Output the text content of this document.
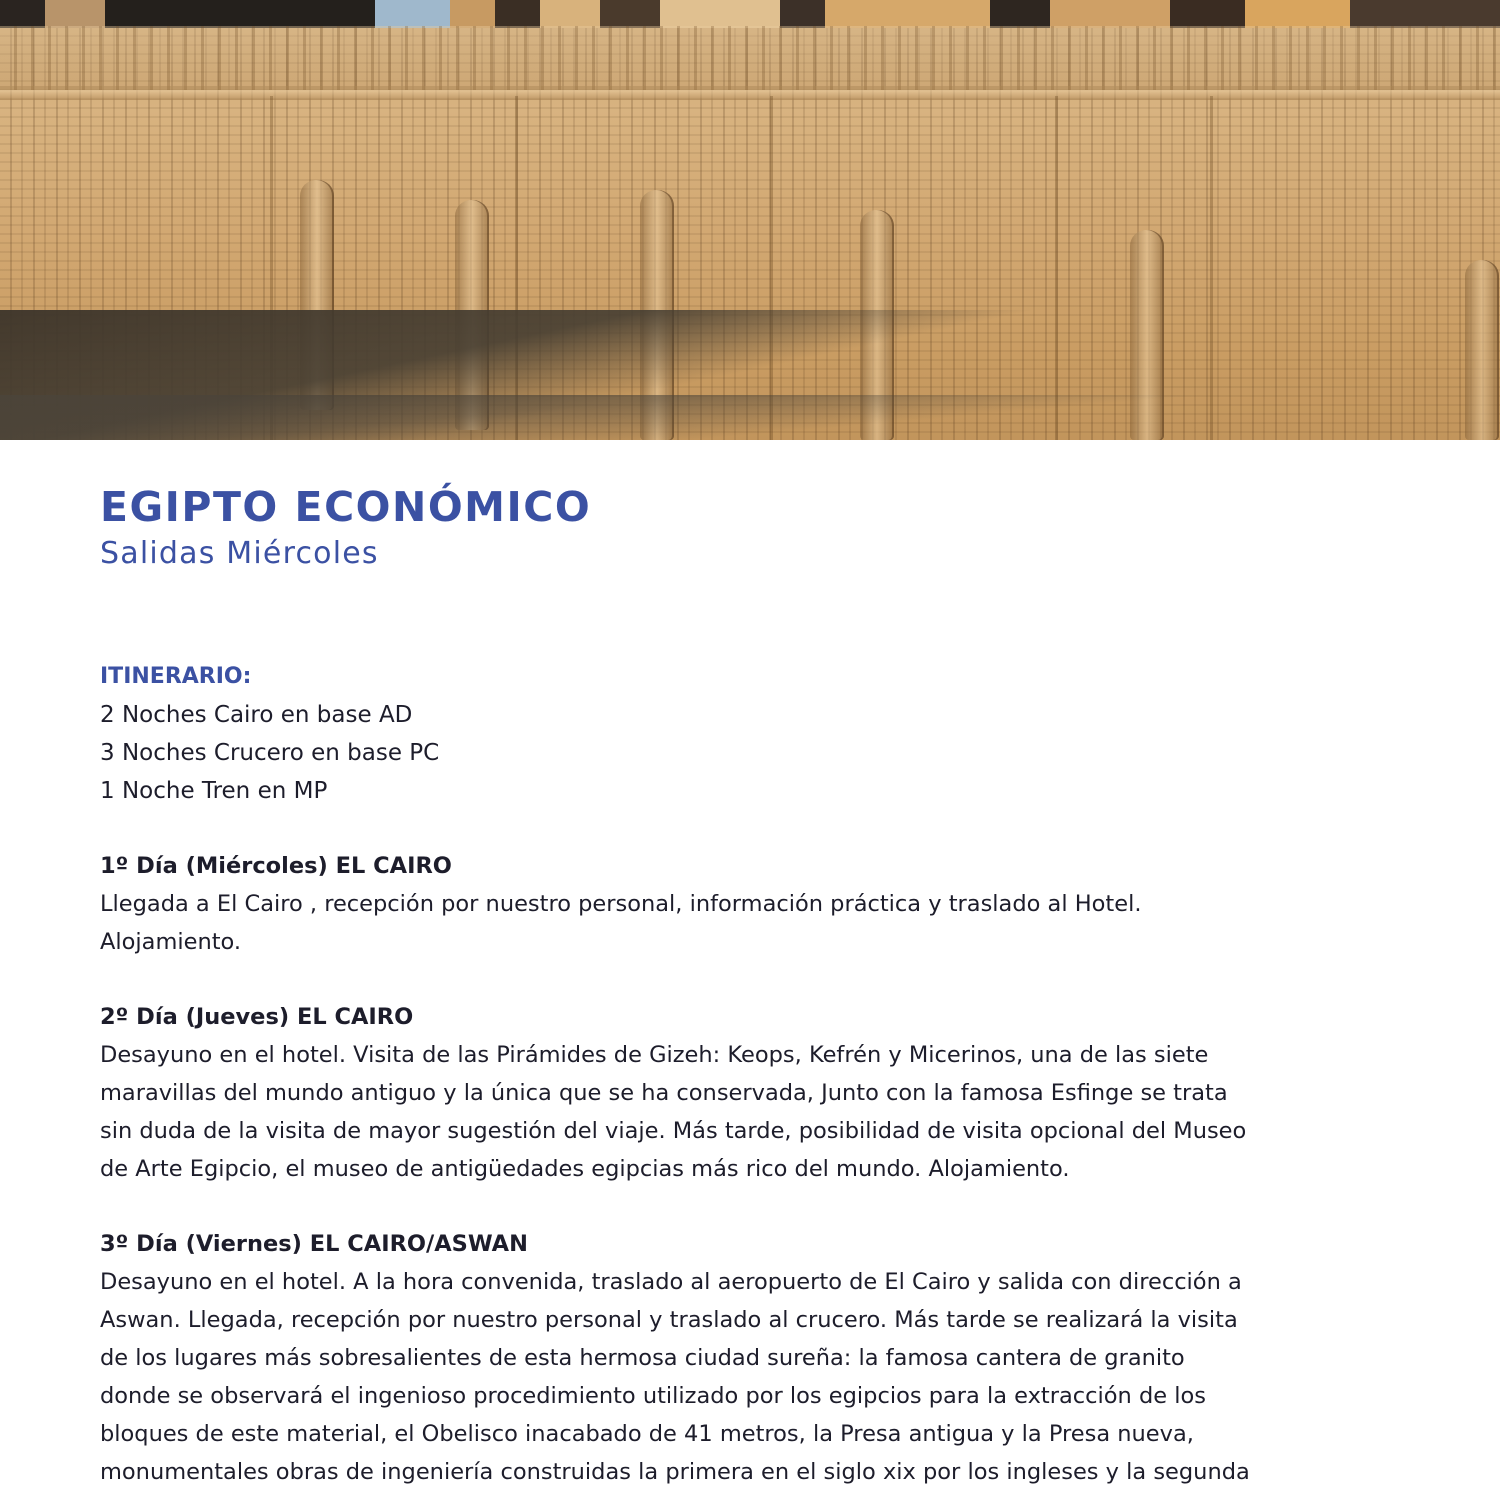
EGIPTO ECONÓMICO
Salidas Miércoles
ITINERARIO:
2 Noches Cairo en base AD
3 Noches Crucero en base PC
1 Noche Tren en MP
1º Día (Miércoles) EL CAIRO
Llegada a El Cairo , recepción por nuestro personal, información práctica y traslado al Hotel.
Alojamiento.
2º Día (Jueves) EL CAIRO
Desayuno en el hotel. Visita de las Pirámides de Gizeh: Keops, Kefrén y Micerinos, una de las siete
maravillas del mundo antiguo y la única que se ha conservada, Junto con la famosa Esfinge se trata
sin duda de la visita de mayor sugestión del viaje. Más tarde, posibilidad de visita opcional del Museo
de Arte Egipcio, el museo de antigüedades egipcias más rico del mundo. Alojamiento.
3º Día (Viernes) EL CAIRO/ASWAN
Desayuno en el hotel. A la hora convenida, traslado al aeropuerto de El Cairo y salida con dirección a
Aswan. Llegada, recepción por nuestro personal y traslado al crucero. Más tarde se realizará la visita
de los lugares más sobresalientes de esta hermosa ciudad sureña: la famosa cantera de granito
donde se observará el ingenioso procedimiento utilizado por los egipcios para la extracción de los
bloques de este material, el Obelisco inacabado de 41 metros, la Presa antigua y la Presa nueva,
monumentales obras de ingeniería construidas la primera en el siglo xix por los ingleses y la segunda
